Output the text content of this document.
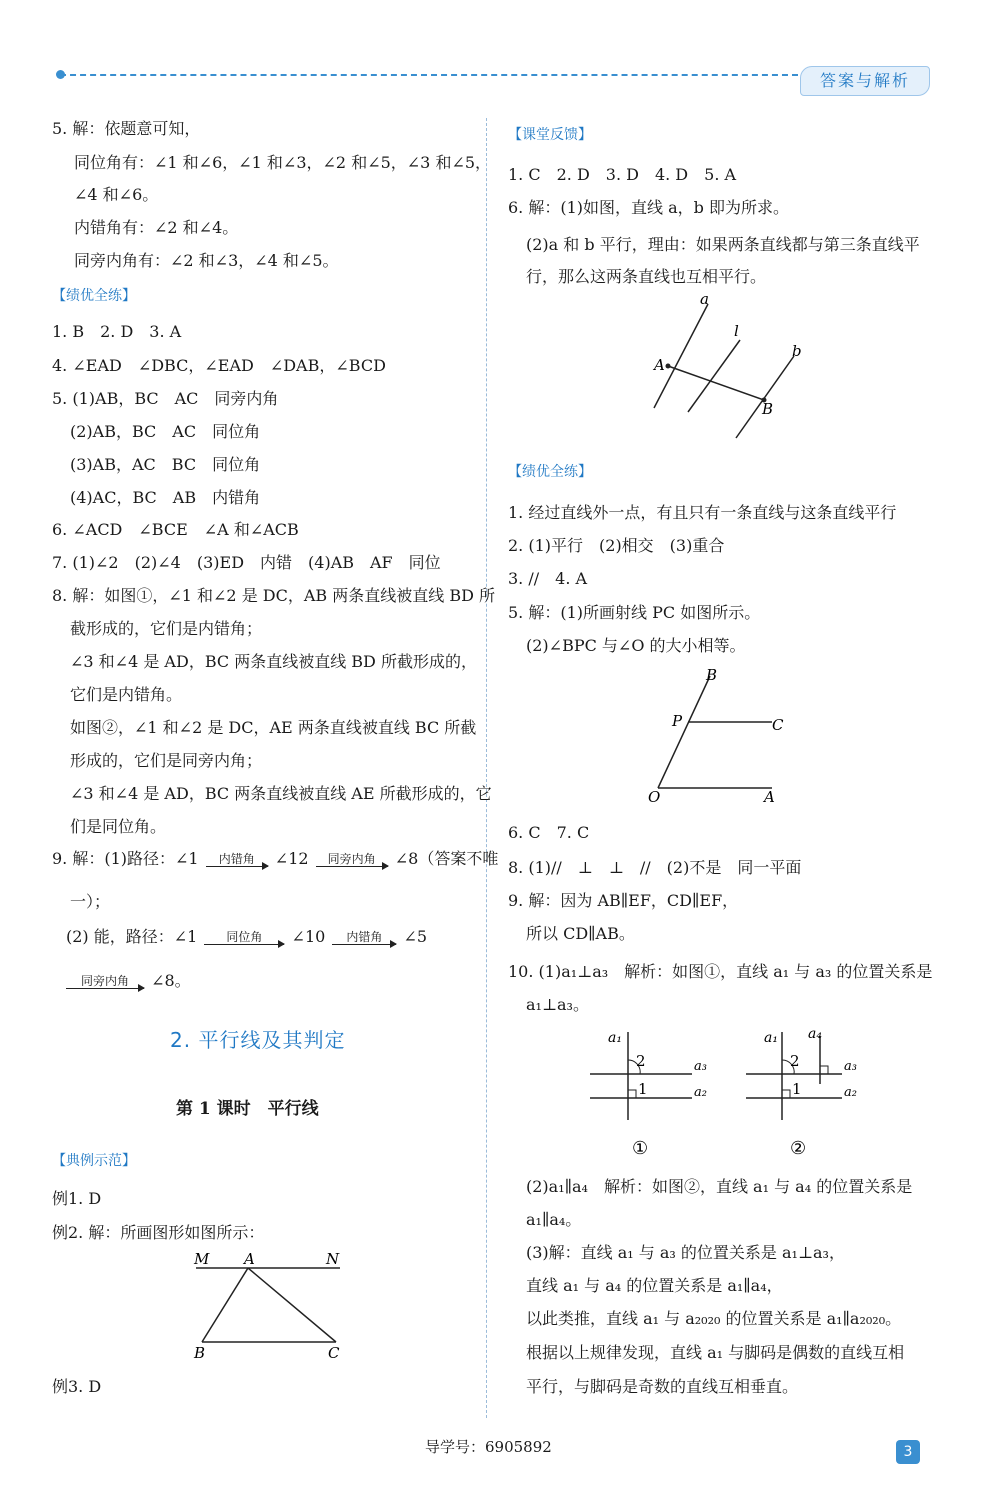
答案与解析
5. 解：依题意可知，
同位角有：∠1 和∠6，∠1 和∠3，∠2 和∠5，∠3 和∠5，
∠4 和∠6。
内错角有：∠2 和∠4。
同旁内角有：∠2 和∠3，∠4 和∠5。
【绩优全练】
1. B　2. D　3. A
4. ∠EAD　∠DBC，∠EAD　∠DAB，∠BCD
5. (1)AB，BC　AC　同旁内角
(2)AB，BC　AC　同位角
(3)AB，AC　BC　同位角
(4)AC，BC　AB　内错角
6. ∠ACD　∠BCE　∠A 和∠ACB
7. (1)∠2　(2)∠4　(3)ED　内错　(4)AB　AF　同位
8. 解：如图①，∠1 和∠2 是 DC，AB 两条直线被直线 BD 所
截形成的，它们是内错角；
∠3 和∠4 是 AD，BC 两条直线被直线 BD 所截形成的，
它们是内错角。
如图②，∠1 和∠2 是 DC，AE 两条直线被直线 BC 所截
形成的，它们是同旁内角；
∠3 和∠4 是 AD，BC 两条直线被直线 AE 所截形成的，它
们是同位角。
9. 解：(1)路径：∠1	内错角	∠12	同旁内角	∠8（答案不唯
一）；
(2) 能，路径：∠1	同位角	∠10	内错角	∠5
同旁内角	∠8。
2. 平行线及其判定
第 1 课时　平行线
【典例示范】
例1. D
例2. 解：所画图形如图所示：
M A	N
B	C
例3. D
【课堂反馈】
1. C　2. D　3. D　4. D　5. A
6. 解：(1)如图，直线 a，b 即为所求。
(2)a 和 b 平行，理由：如果两条直线都与第三条直线平
行，那么这两条直线也互相平行。
a
l
b
A
B
【绩优全练】
1. 经过直线外一点，有且只有一条直线与这条直线平行
2. (1)平行　(2)相交　(3)重合
3. //　4. A
5. 解：(1)所画射线 PC 如图所示。
(2)∠BPC 与∠O 的大小相等。
B
P	C
O	A
6. C　7. C
8. (1)//　⊥　⊥　//　(2)不是　同一平面
9. 解：因为 AB∥EF，CD∥EF，
所以 CD∥AB。
10. (1)a₁⊥a₃　解析：如图①，直线 a₁ 与 a₃ 的位置关系是
a₁⊥a₃。
a₁
2
1
a₃
a₂
①
a₁ a₄
2
1
a₃
a₂
②
(2)a₁∥a₄　解析：如图②，直线 a₁ 与 a₄ 的位置关系是
a₁∥a₄。
(3)解：直线 a₁ 与 a₃ 的位置关系是 a₁⊥a₃，
直线 a₁ 与 a₄ 的位置关系是 a₁∥a₄，
以此类推，直线 a₁ 与 a₂₀₂₀ 的位置关系是 a₁∥a₂₀₂₀。
根据以上规律发现，直线 a₁ 与脚码是偶数的直线互相
平行，与脚码是奇数的直线互相垂直。
导学号：6905892	3
